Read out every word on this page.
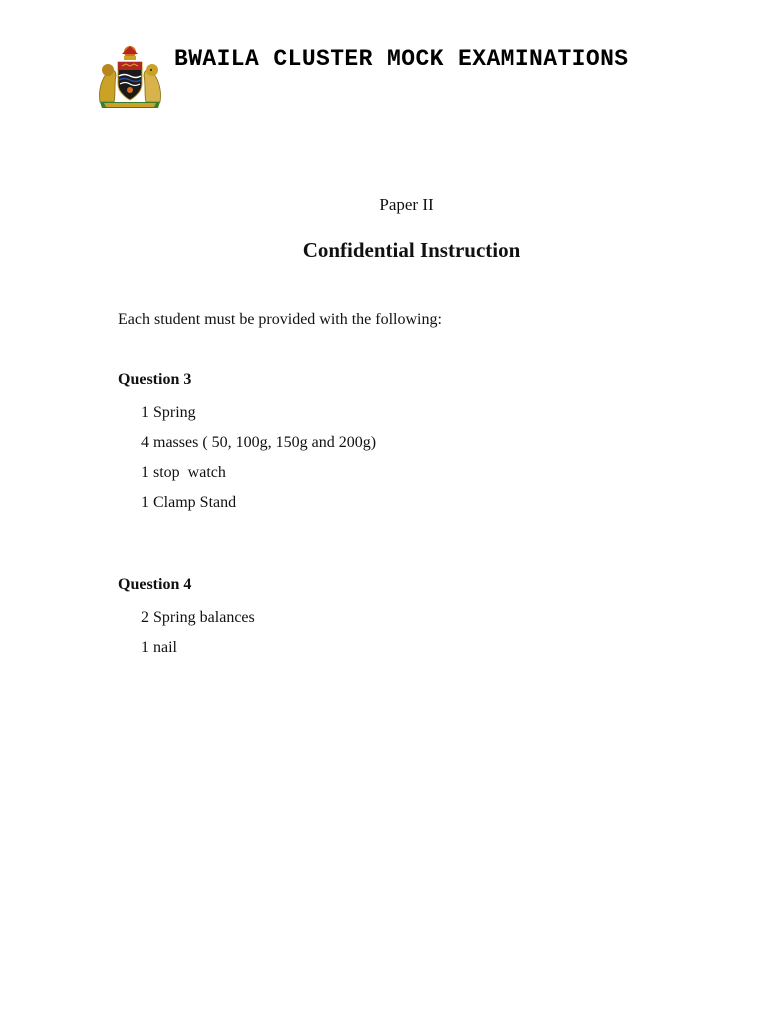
BWAILA CLUSTER MOCK EXAMINATIONS
Paper II
Confidential Instruction
Each student must be provided with the following:
Question 3
1 Spring
4 masses ( 50, 100g, 150g and 200g)
1 stop  watch
1 Clamp Stand
Question 4
2 Spring balances
1 nail
